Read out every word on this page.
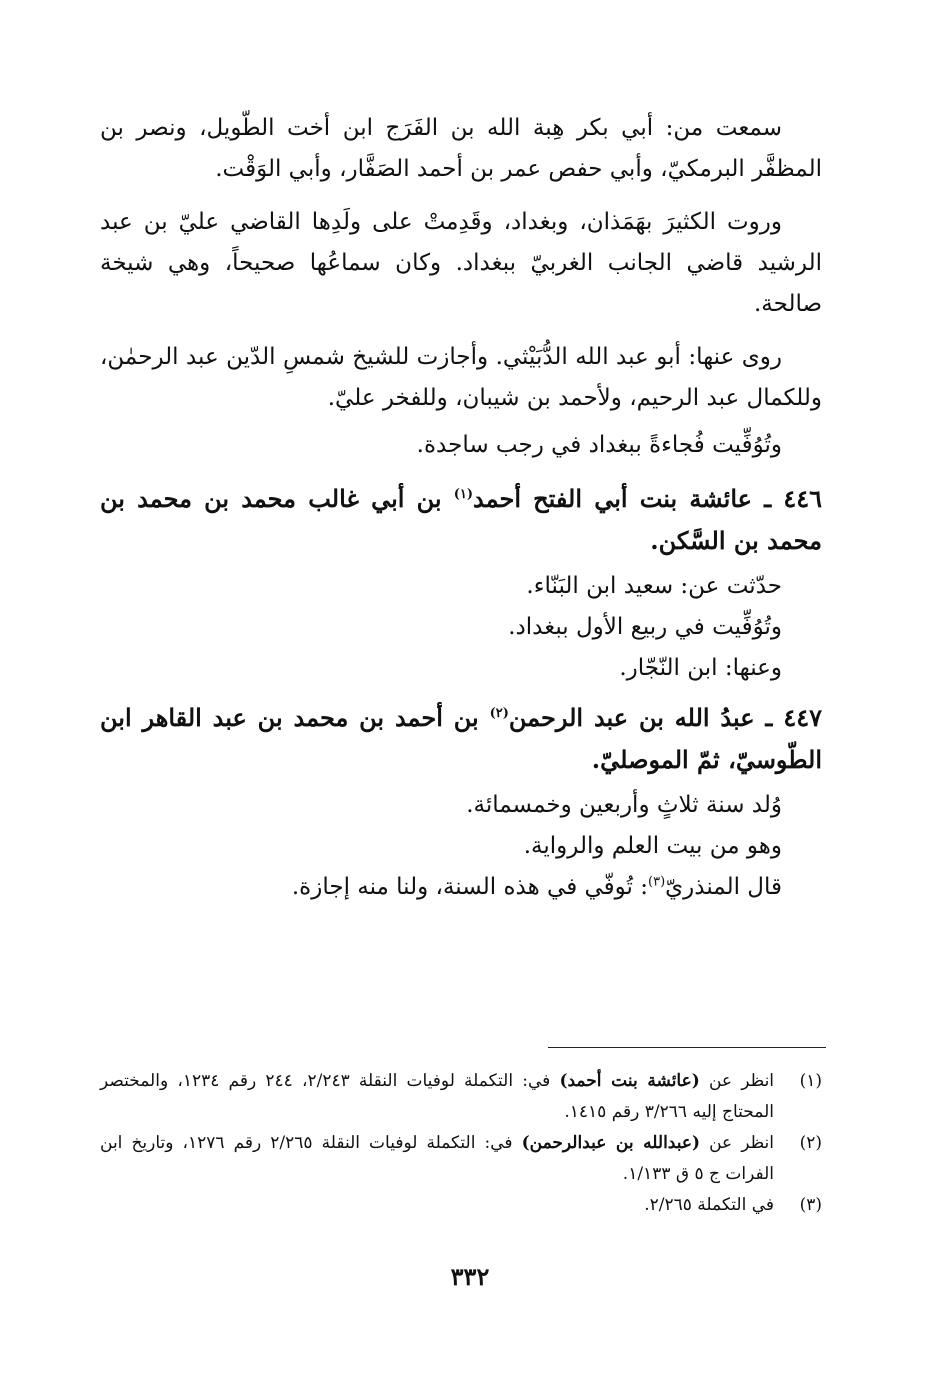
سمعت من: أبي بكر هِبة الله بن الفَرَج ابن أخت الطّويل، ونصر بن المظفَّر البرمكيّ، وأبي حفص عمر بن أحمد الصَفَّار، وأبي الوَقْت.

وروت الكثيرَ بهَمَذان، وبغداد، وقَدِمتْ على ولَدِها القاضي عليّ بن عبد الرشيد قاضي الجانب الغربيّ ببغداد. وكان سماعُها صحيحاً، وهي شيخة صالحة.

روى عنها: أبو عبد الله الدُّبَيْثي. وأجازت للشيخ شمسِ الدّين عبد الرحمٰن، وللكمال عبد الرحيم، ولأحمد بن شيبان، وللفخر عليّ.

وتُوُفِّيت فُجاءةً ببغداد في رجب ساجدة.

٤٤٦ ـ عائشة بنت أبي الفتح أحمد$^{(١)}$ بن أبي غالب محمد بن محمد بن محمد بن السَّكن.
حدّثت عن: سعيد ابن البَنّاء.
وتُوُفِّيت في ربيع الأول ببغداد.
وعنها: ابن النّجّار.
٤٤٧ ـ عبدُ الله بن عبد الرحمن$^{(٢)}$ بن أحمد بن محمد بن عبد القاهر ابن الطّوسيّ، ثمّ الموصليّ.
وُلد سنة ثلاثٍ وأربعين وخمسمائة.
وهو من بيت العلم والرواية.
قال المنذريّ$^{(٣)}$: تُوفّي في هذه السنة، ولنا منه إجازة.
(١)
انظر عن (عائشة بنت أحمد) في: التكملة لوفيات النقلة ٢/٢٤٣، ٢٤٤ رقم ١٢٣٤، والمختصر المحتاج إليه ٣/٢٦٦ رقم ١٤١٥.
(٢)
انظر عن (عبدالله بن عبدالرحمن) في: التكملة لوفيات النقلة ٢/٢٦٥ رقم ١٢٧٦، وتاريخ ابن الفرات ج ٥ ق ١/١٣٣.
(٣)
في التكملة ٢/٢٦٥.
٣٣٢
